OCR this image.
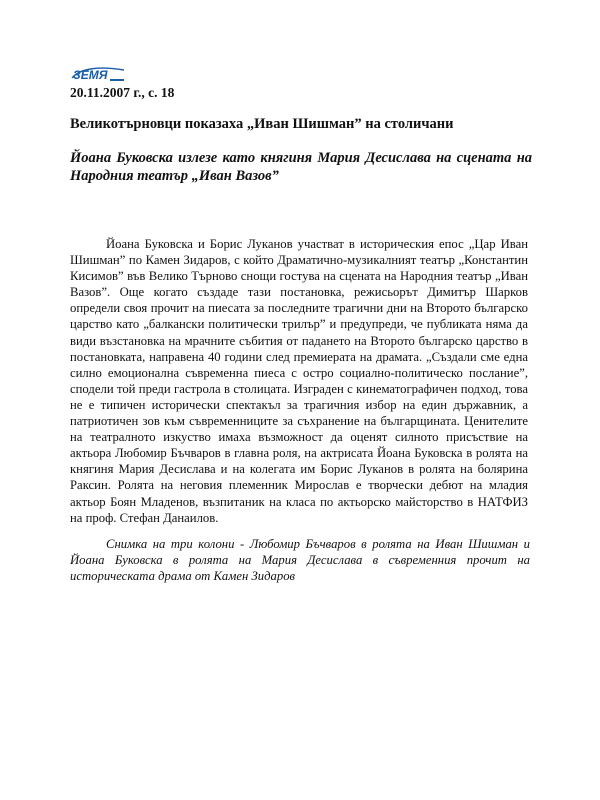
ЗЕМЯ
20.11.2007 г., с. 18
Великотърновци показаха „Иван Шишман” на столичани
Йоана Буковска излезе като княгиня Мария Десислава на сцената на Народния театър „Иван Вазов”

Йоана Буковска и Борис Луканов участват в историческия епос „Цар Иван Шишман” по Камен Зидаров, с който Драматично-музикалният театър „Константин Кисимов” във Велико Търново снощи гостува на сцената на Народния театър „Иван Вазов”. Още когато създаде тази постановка, режисьорът Димитър Шарков определи своя прочит на пиесата за последните трагични дни на Второто българско царство като „балкански политически трилър” и предупреди, че публиката няма да види възстановка на мрачните събития от падането на Второто българско царство в постановката, направена 40 години след премиерата на драмата. „Създали сме една силно емоционална съвременна пиеса с остро социално-политическо послание”, сподели той преди гастрола в столицата. Изграден с кинематографичен подход, това не е типичен исторически спектакъл за трагичния избор на един държавник, а патриотичен зов към съвременниците за съхранение на българщината. Ценителите на театралното изкуство имаха възможност да оценят силното присъствие на актьора Любомир Бъчваров в главна роля, на актрисата Йоана Буковска в ролята на княгиня Мария Десислава и на колегата им Борис Луканов в ролята на болярина Раксин. Ролята на неговия племенник Мирослав е творчески дебют на младия актьор Боян Младенов, възпитаник на класа по актьорско майсторство в НАТФИЗ на проф. Стефан Данаилов.

Снимка на три колони - Любомир Бъчваров в ролята на Иван Шишман и Йоана Буковска в ролята на Мария Десислава в съвременния прочит на историческата драма от Камен Зидаров
